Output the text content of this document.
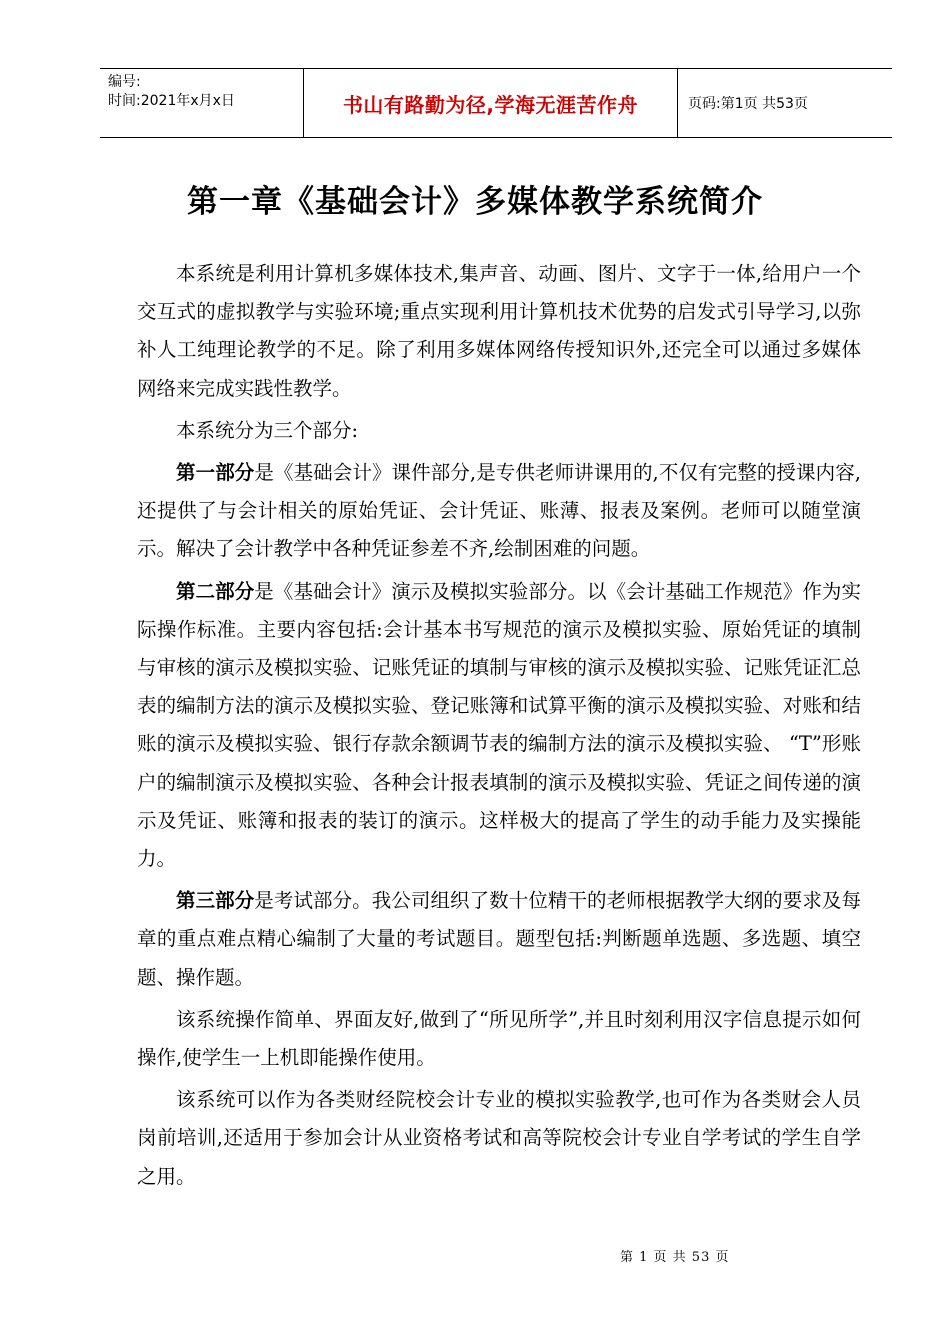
编号:
时间:2021年x月x日	书山有路勤为径,学海无涯苦作舟	页码:第1页 共53页
第一章《基础会计》多媒体教学系统简介

本系统是利用计算机多媒体技术,集声音、动画、图片、文字于一体,给用户一个交互式的虚拟教学与实验环境;重点实现利用计算机技术优势的启发式引导学习,以弥补人工纯理论教学的不足。除了利用多媒体网络传授知识外,还完全可以通过多媒体网络来完成实践性教学。

本系统分为三个部分:

第一部分是《基础会计》课件部分,是专供老师讲课用的,不仅有完整的授课内容,还提供了与会计相关的原始凭证、会计凭证、账薄、报表及案例。老师可以随堂演示。解决了会计教学中各种凭证参差不齐,绘制困难的问题。

第二部分是《基础会计》演示及模拟实验部分。以《会计基础工作规范》作为实际操作标准。主要内容包括:会计基本书写规范的演示及模拟实验、原始凭证的填制与审核的演示及模拟实验、记账凭证的填制与审核的演示及模拟实验、记账凭证汇总表的编制方法的演示及模拟实验、登记账簿和试算平衡的演示及模拟实验、对账和结账的演示及模拟实验、银行存款余额调节表的编制方法的演示及模拟实验、 “T”形账户的编制演示及模拟实验、各种会计报表填制的演示及模拟实验、凭证之间传递的演示及凭证、账簿和报表的装订的演示。这样极大的提高了学生的动手能力及实操能力。

第三部分是考试部分。我公司组织了数十位精干的老师根据教学大纲的要求及每章的重点难点精心编制了大量的考试题目。题型包括:判断题单选题、多选题、填空题、操作题。

该系统操作简单、界面友好,做到了“所见所学”,并且时刻利用汉字信息提示如何操作,使学生一上机即能操作使用。

该系统可以作为各类财经院校会计专业的模拟实验教学,也可作为各类财会人员岗前培训,还适用于参加会计从业资格考试和高等院校会计专业自学考试的学生自学之用。

第 1 页 共 53 页
